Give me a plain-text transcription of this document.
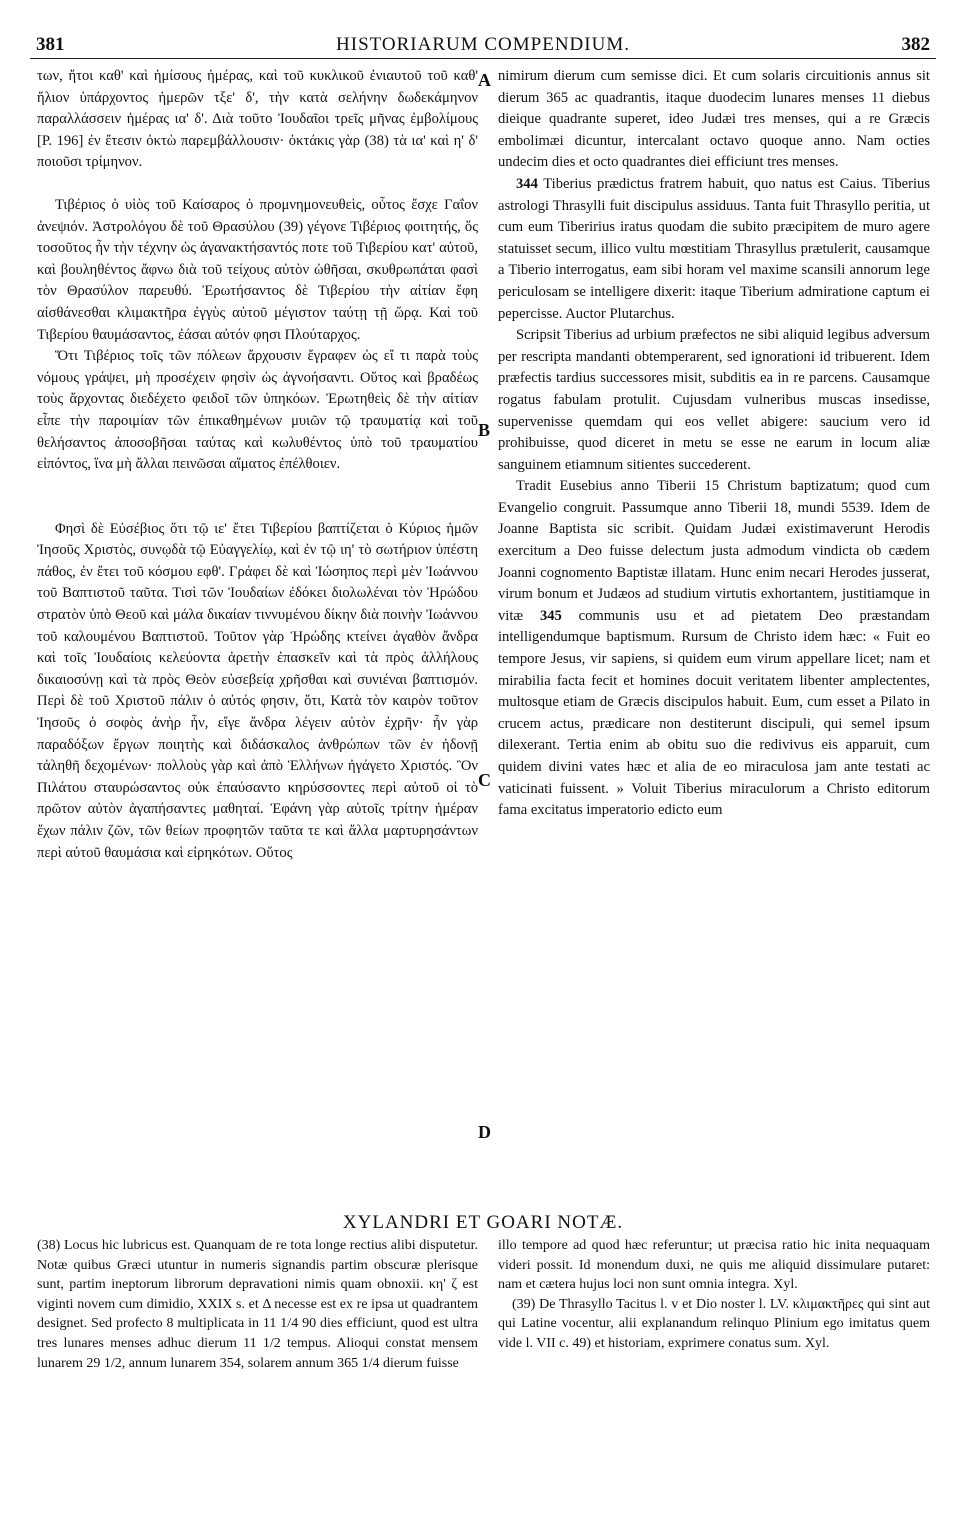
381	HISTORIARUM COMPENDIUM.	382
A
B
C
D

των, ἤτοι καθ' καὶ ἡμίσους ἡμέρας, καὶ τοῦ κυκλικοῦ ἐνιαυτοῦ τοῦ καθ' ἥλιον ὑπάρχοντος ἡμερῶν τξε' δ', τὴν κατὰ σελήνην δωδεκάμηνον παραλλάσσειν ἡμέρας ια' δ'. Διὰ τοῦτο Ἰουδαῖοι τρεῖς μῆνας ἐμβολίμους [P. 196] ἐν ἔτεσιν ὀκτὼ παρεμβάλλουσιν· ὀκτάκις γὰρ (38) τὰ ια' καὶ η' δ' ποιοῦσι τρίμηνον.

Τιβέριος ὁ υἱὸς τοῦ Καίσαρος ὁ προμνημονευθεὶς, οὗτος ἔσχε Γαΐον ἀνεψιόν. Ἀστρολόγου δὲ τοῦ Θρασύλου (39) γέγονε Τιβέριος φοιτητής, ὅς τοσοῦτος ἦν τὴν τέχνην ὡς ἀγανακτήσαντός ποτε τοῦ Τιβερίου κατ' αὐτοῦ, καὶ βουληθέντος ἄφνω διὰ τοῦ τείχους αὐτὸν ὠθῆσαι, σκυθρωπάται φασὶ τὸν Θρασύλον παρευθύ. Ἐρωτήσαντος δὲ Τιβερίου τὴν αἰτίαν ἔφη αἰσθάνεσθαι κλιμακτῆρα ἐγγὺς αὐτοῦ μέγιστον ταύτῃ τῇ ὥρᾳ. Καὶ τοῦ Τιβερίου θαυμάσαντος, ἐάσαι αὐτόν φησι Πλούταρχος.

Ὅτι Τιβέριος τοῖς τῶν πόλεων ἄρχουσιν ἔγραφεν ὡς εἴ τι παρὰ τοὺς νόμους γράψει, μὴ προσέχειν φησὶν ὡς ἀγνοήσαντι. Οὕτος καὶ βραδέως τοὺς ἄρχοντας διεδέχετο φειδοῖ τῶν ὑπηκόων. Ἐρωτηθεὶς δὲ τὴν αἰτίαν εἶπε τὴν παροιμίαν τῶν ἐπικαθημένων μυιῶν τῷ τραυματίᾳ καὶ τοῦ θελήσαντος ἀποσοβῆσαι ταύτας καὶ κωλυθέντος ὑπὸ τοῦ τραυματίου εἰπόντος, ἵνα μὴ ἄλλαι πεινῶσαι αἵματος ἐπέλθοιεν.

Φησὶ δὲ Εὐσέβιος ὅτι τῷ ιε' ἔτει Τιβερίου βαπτίζεται ὁ Κύριος ἡμῶν Ἰησοῦς Χριστὸς, συνῳδὰ τῷ Εὐαγγελίῳ, καὶ ἐν τῷ ιη' τὸ σωτήριον ὑπέστη πάθος, ἐν ἔτει τοῦ κόσμου εφθ'. Γράφει δὲ καὶ Ἰώσηπος περὶ μὲν Ἰωάννου τοῦ Βαπτιστοῦ ταῦτα. Τισὶ τῶν Ἰουδαίων ἐδόκει διολωλέναι τὸν Ἡρώδου στρατὸν ὑπὸ Θεοῦ καὶ μάλα δικαίαν τιννυμένου δίκην διὰ ποινὴν Ἰωάννου τοῦ καλουμένου Βαπτιστοῦ. Τοῦτον γὰρ Ἡρώδης κτείνει ἀγαθὸν ἄνδρα καὶ τοῖς Ἰουδαίοις κελεύοντα ἀρετὴν ἐπασκεῖν καὶ τὰ πρὸς ἀλλήλους δικαιοσύνῃ καὶ τὰ πρὸς Θεὸν εὐσεβείᾳ χρῆσθαι καὶ συνιέναι βαπτισμόν. Περὶ δὲ τοῦ Χριστοῦ πάλιν ὁ αὐτός φησιν, ὅτι, Κατὰ τὸν καιρὸν τοῦτον Ἰησοῦς ὁ σοφὸς ἀνὴρ ἦν, εἴγε ἄνδρα λέγειν αὐτὸν ἐχρῆν· ἦν γὰρ παραδόξων ἔργων ποιητὴς καὶ διδάσκαλος ἀνθρώπων τῶν ἐν ἡδονῇ τἀληθῆ δεχομένων· πολλοὺς γὰρ καὶ ἀπὸ Ἑλλήνων ἠγάγετο Χριστός. Ὃν Πιλάτου σταυρώσαντος οὐκ ἐπαύσαντο κηρύσσοντες περὶ αὐτοῦ οἱ τὸ πρῶτον αὐτὸν ἀγαπήσαντες μαθηταί. Ἐφάνη γὰρ αὐτοῖς τρίτην ἡμέραν ἔχων πάλιν ζῶν, τῶν θείων προφητῶν ταῦτα τε καὶ ἄλλα μαρτυρησάντων περὶ αὐτοῦ θαυμάσια καὶ εἰρηκότων. Οὕτος

nimirum dierum cum semisse dici. Et cum solaris circuitionis annus sit dierum 365 ac quadrantis, itaque duodecim lunares menses 11 diebus dieique quadrante superet, ideo Judæi tres menses, qui a re Græcis embolimæi dicuntur, intercalant octavo quoque anno. Nam octies undecim dies et octo quadrantes diei efficiunt tres menses.

344 Tiberius prædictus fratrem habuit, quo natus est Caius. Tiberius astrologi Thrasylli fuit discipulus assiduus. Tanta fuit Thrasyllo peritia, ut cum eum Tiberirius iratus quodam die subito præcipitem de muro agere statuisset secum, illico vultu mœstitiam Thrasyllus prætulerit, causamque a Tiberio interrogatus, eam sibi horam vel maxime scansili annorum lege periculosam se intelligere dixerit: itaque Tiberium admiratione captum ei pepercisse. Auctor Plutarchus.

Scripsit Tiberius ad urbium præfectos ne sibi aliquid legibus adversum per rescripta mandanti obtemperarent, sed ignorationi id tribuerent. Idem præfectis tardius successores misit, subditis ea in re parcens. Causamque rogatus fabulam protulit. Cujusdam vulneribus muscas insedisse, supervenisse quemdam qui eos vellet abigere: saucium vero id prohibuisse, quod diceret in metu se esse ne earum in locum aliæ sanguinem etiamnum sitientes succederent.

Tradit Eusebius anno Tiberii 15 Christum baptizatum; quod cum Evangelio congruit. Passumque anno Tiberii 18, mundi 5539. Idem de Joanne Baptista sic scribit. Quidam Judæi existimaverunt Herodis exercitum a Deo fuisse delectum justa admodum vindicta ob cædem Joanni cognomento Baptistæ illatam. Hunc enim necari Herodes jusserat, virum bonum et Judæos ad studium virtutis exhortantem, justitiamque in vitæ 345 communis usu et ad pietatem Deo præstandam intelligendumque baptismum. Rursum de Christo idem hæc: « Fuit eo tempore Jesus, vir sapiens, si quidem eum virum appellare licet; nam et mirabilia facta fecit et homines docuit veritatem libenter amplectentes, multosque etiam de Græcis discipulos habuit. Eum, cum esset a Pilato in crucem actus, prædicare non destiterunt discipuli, qui semel ipsum dilexerant. Tertia enim ab obitu suo die redivivus eis apparuit, cum quidem divini vates hæc et alia de eo miraculosa jam ante testati ac vaticinati fuissent. » Voluit Tiberius miraculorum a Christo editorum fama excitatus imperatorio edicto eum

XYLANDRI ET GOARI NOTÆ.

(38) Locus hic lubricus est. Quanquam de re tota longe rectius alibi disputetur. Notæ quibus Græci utuntur in numeris signandis partim obscuræ plerisque sunt, partim ineptorum librorum depravationi nimis quam obnoxii. κη' ζ est viginti novem cum dimidio, XXIX s. et Δ necesse est ex re ipsa ut quadrantem designet. Sed profecto 8 multiplicata in 11 1/4 90 dies efficiunt, quod est ultra tres lunares menses adhuc dierum 11 1/2 tempus. Alioqui constat mensem lunarem 29 1/2, annum lunarem 354, solarem annum 365 1/4 dierum fuisse

illo tempore ad quod hæc referuntur; ut præcisa ratio hic inita nequaquam videri possit. Id monendum duxi, ne quis me aliquid dissimulare putaret: nam et cætera hujus loci non sunt omnia integra. Xyl.

(39) De Thrasyllo Tacitus l. v et Dio noster l. LV. κλιμακτῆρες qui sint aut qui Latine vocentur, alii explanandum relinquo Plinium ego imitatus quem vide l. VII c. 49) et historiam, exprimere conatus sum. Xyl.
